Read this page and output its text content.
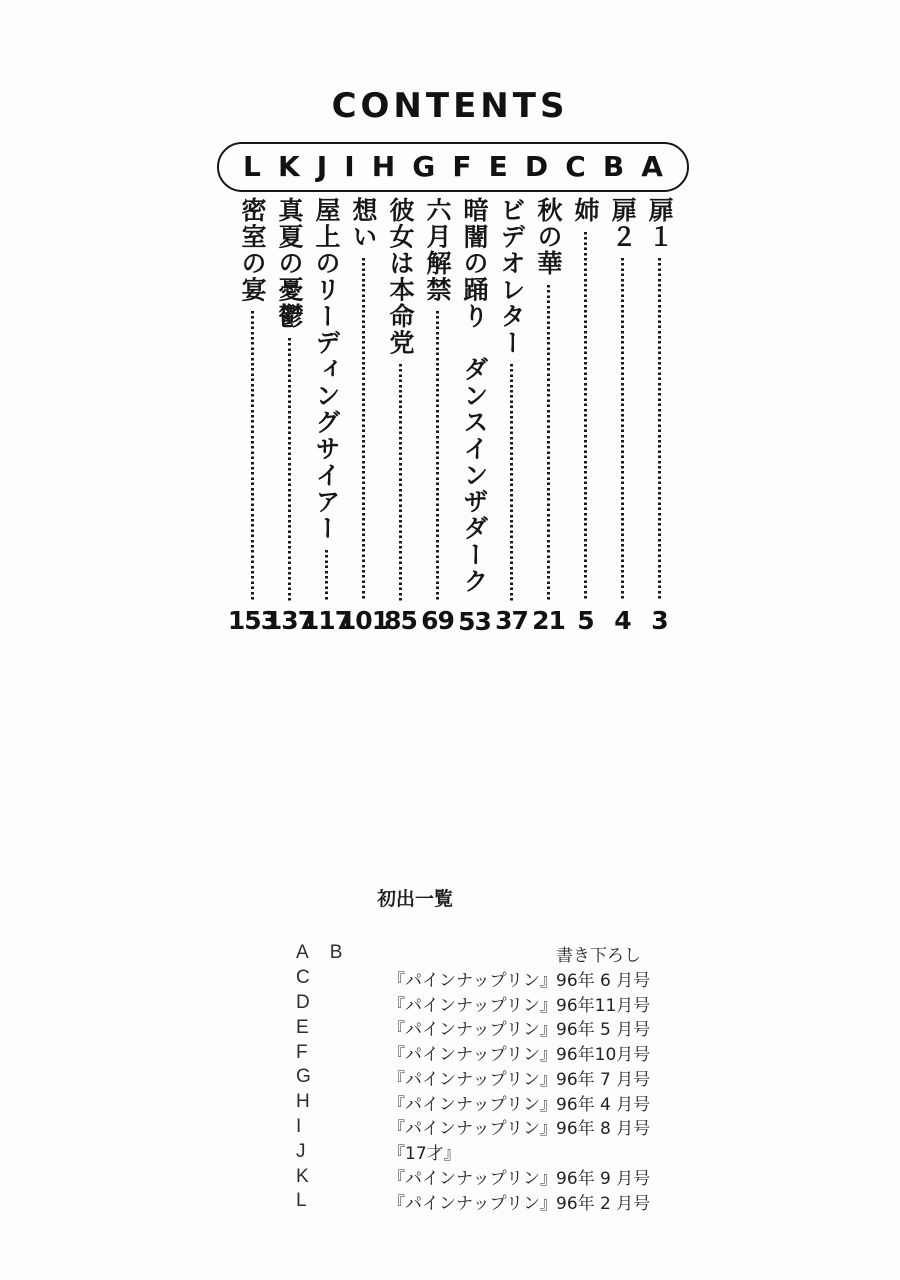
CONTENTS
L K J I H G F E D C B A
扉１
3
扉２
4
姉
5
秋の華
21
ビデオレター
37
暗闇の踊り　ダンスインザダーク
53
六月解禁
69
彼女は本命党
85
想い
101
屋上のリーディングサイアー
117
真夏の憂鬱
137
密室の宴
153
初出一覧
A B	書き下ろし
C	『パインナップリン』 96年 6 月号
D	『パインナップリン』 96年11月号
E	『パインナップリン』 96年 5 月号
F	『パインナップリン』 96年10月号
G	『パインナップリン』 96年 7 月号
H	『パインナップリン』 96年 4 月号
I	『パインナップリン』 96年 8 月号
J	『17才』
K	『パインナップリン』 96年 9 月号
L	『パインナップリン』 96年 2 月号
